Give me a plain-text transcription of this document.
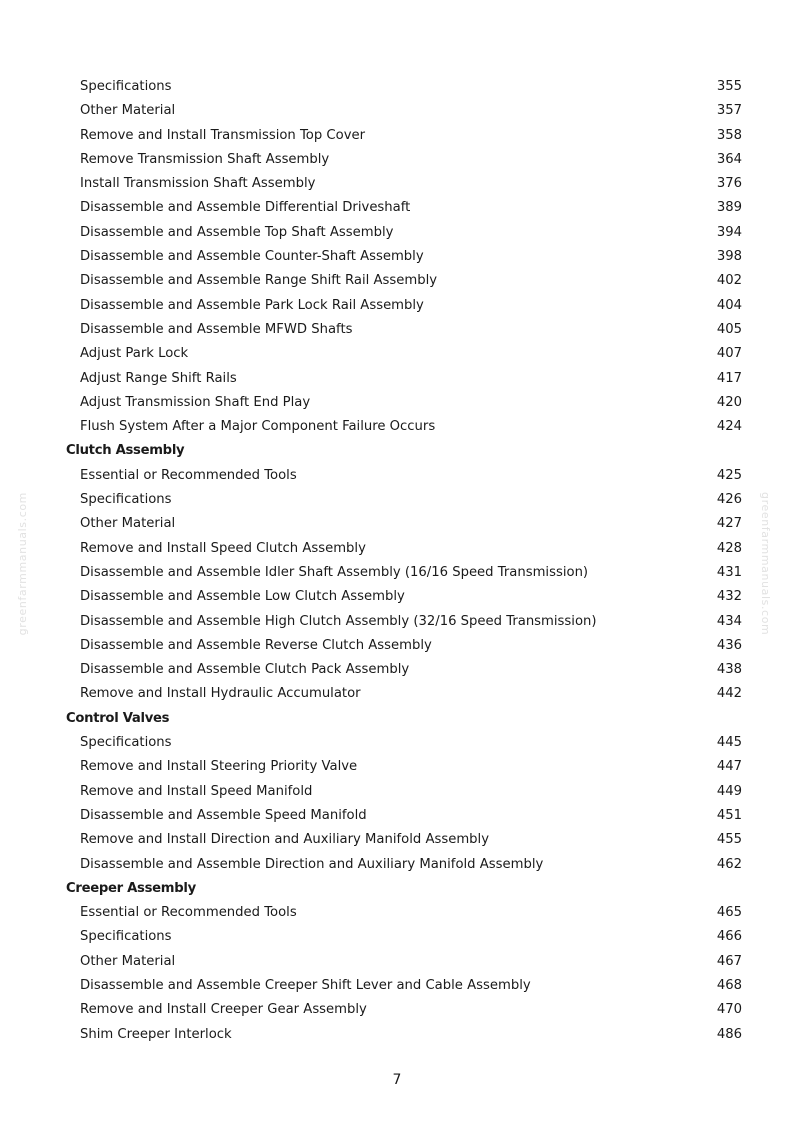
greenfarmmanuals.com	greenfarmmanuals.com
Specifications	355
Other Material	357
Remove and Install Transmission Top Cover	358
Remove Transmission Shaft Assembly	364
Install Transmission Shaft Assembly	376
Disassemble and Assemble Differential Driveshaft	389
Disassemble and Assemble Top Shaft Assembly	394
Disassemble and Assemble Counter-Shaft Assembly	398
Disassemble and Assemble Range Shift Rail Assembly	402
Disassemble and Assemble Park Lock Rail Assembly	404
Disassemble and Assemble MFWD Shafts	405
Adjust Park Lock	407
Adjust Range Shift Rails	417
Adjust Transmission Shaft End Play	420
Flush System After a Major Component Failure Occurs	424
Clutch Assembly
Essential or Recommended Tools	425
Specifications	426
Other Material	427
Remove and Install Speed Clutch Assembly	428
Disassemble and Assemble Idler Shaft Assembly (16/16 Speed Transmission)	431
Disassemble and Assemble Low Clutch Assembly	432
Disassemble and Assemble High Clutch Assembly (32/16 Speed Transmission)	434
Disassemble and Assemble Reverse Clutch Assembly	436
Disassemble and Assemble Clutch Pack Assembly	438
Remove and Install Hydraulic Accumulator	442
Control Valves
Specifications	445
Remove and Install Steering Priority Valve	447
Remove and Install Speed Manifold	449
Disassemble and Assemble Speed Manifold	451
Remove and Install Direction and Auxiliary Manifold Assembly	455
Disassemble and Assemble Direction and Auxiliary Manifold Assembly	462
Creeper Assembly
Essential or Recommended Tools	465
Specifications	466
Other Material	467
Disassemble and Assemble Creeper Shift Lever and Cable Assembly	468
Remove and Install Creeper Gear Assembly	470
Shim Creeper Interlock	486
7
